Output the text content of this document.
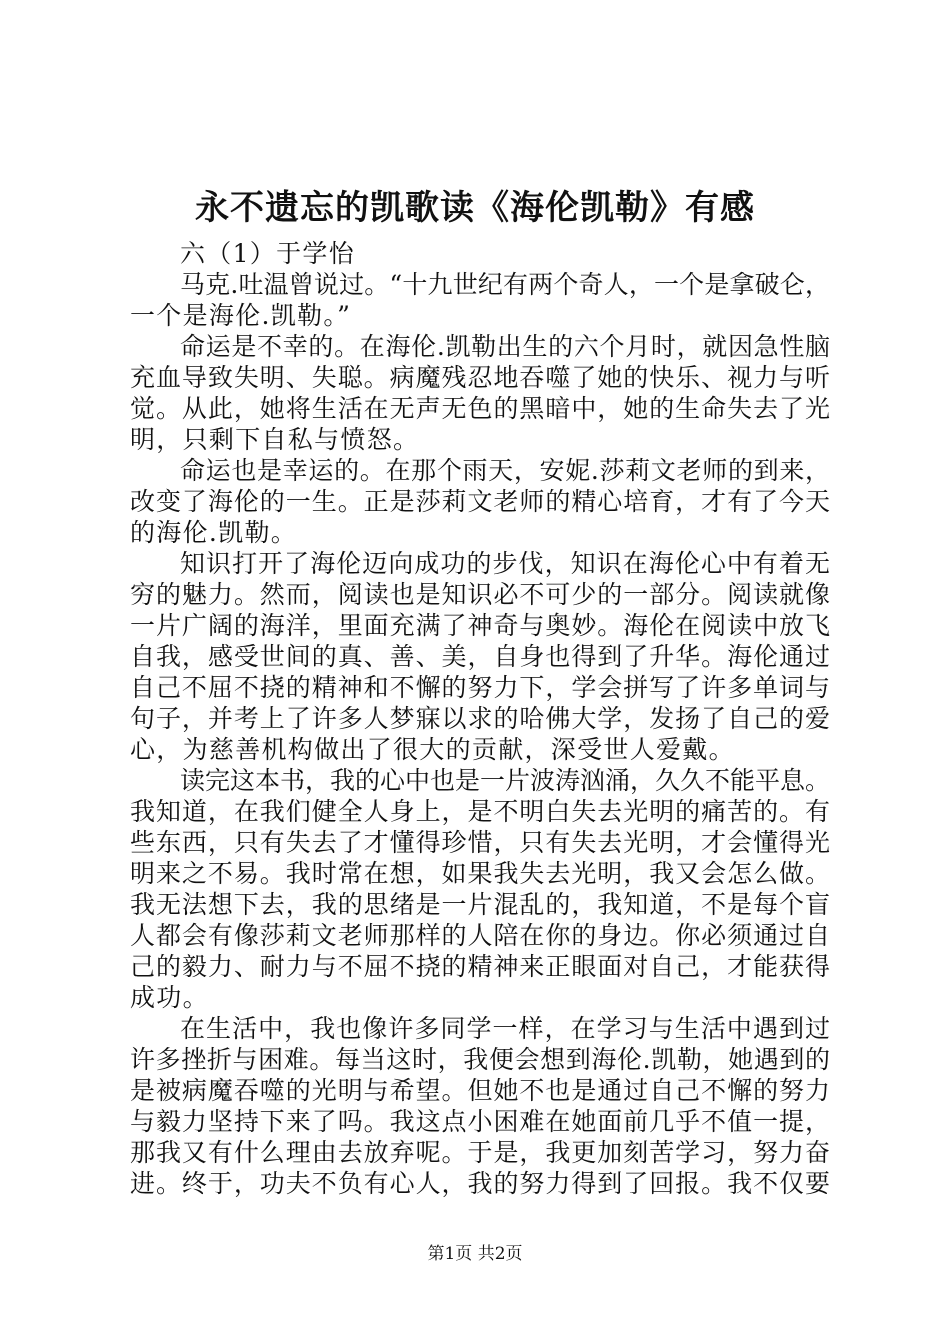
永不遗忘的凯歌读《海伦凯勒》有感
六（1）于学怡
马克.吐温曾说过。“十九世纪有两个奇人，一个是拿破仑，
一个是海伦.凯勒。”
命运是不幸的。在海伦.凯勒出生的六个月时，就因急性脑
充血导致失明、失聪。病魔残忍地吞噬了她的快乐、视力与听
觉。从此，她将生活在无声无色的黑暗中，她的生命失去了光
明，只剩下自私与愤怒。
命运也是幸运的。在那个雨天，安妮.莎莉文老师的到来，
改变了海伦的一生。正是莎莉文老师的精心培育，才有了今天
的海伦.凯勒。
知识打开了海伦迈向成功的步伐，知识在海伦心中有着无
穷的魅力。然而，阅读也是知识必不可少的一部分。阅读就像
一片广阔的海洋，里面充满了神奇与奥妙。海伦在阅读中放飞
自我，感受世间的真、善、美，自身也得到了升华。海伦通过
自己不屈不挠的精神和不懈的努力下，学会拼写了许多单词与
句子，并考上了许多人梦寐以求的哈佛大学，发扬了自己的爱
心，为慈善机构做出了很大的贡献，深受世人爱戴。
读完这本书，我的心中也是一片波涛汹涌，久久不能平息。
我知道，在我们健全人身上，是不明白失去光明的痛苦的。有
些东西，只有失去了才懂得珍惜，只有失去光明，才会懂得光
明来之不易。我时常在想，如果我失去光明，我又会怎么做。
我无法想下去，我的思绪是一片混乱的，我知道，不是每个盲
人都会有像莎莉文老师那样的人陪在你的身边。你必须通过自
己的毅力、耐力与不屈不挠的精神来正眼面对自己，才能获得
成功。
在生活中，我也像许多同学一样，在学习与生活中遇到过
许多挫折与困难。每当这时，我便会想到海伦.凯勒，她遇到的
是被病魔吞噬的光明与希望。但她不也是通过自己不懈的努力
与毅力坚持下来了吗。我这点小困难在她面前几乎不值一提，
那我又有什么理由去放弃呢。于是，我更加刻苦学习，努力奋
进。终于，功夫不负有心人，我的努力得到了回报。我不仅要
第1页 共2页
